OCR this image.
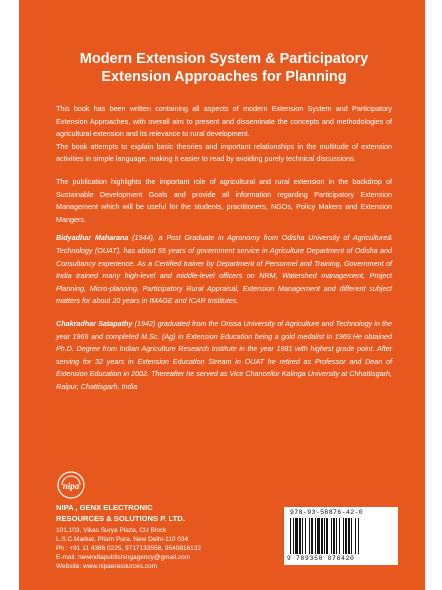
Modern Extension System & Participatory
Extension Approaches for Planning

This book has been written containing all aspects of modern Extension System and Participatory Extension Approaches, with overall aim to present and disseminate the concepts and methodologies of agricultural extension and its relevance to rural development.

The book attempts to explain basic theories and important relationships in the multitude of extension activities in simple language, making it easier to read by avoiding purely technical discussions.

The publication highlights the important role of agricultural and rural extension in the backdrop of Sustainable Development Goals and provide all information regarding Participatory Extension Management which will be useful for the students, practitioners, NGOs, Policy Makers and Extension Mangers.

Bidyadhar Maharana (1944), a Post Graduate in Agronomy from Odisha University of Agriculture& Technology (OUAT), has about 55 years of government service in Agriculture Department of Odisha and Consultancy experience. As a Certified trainer by Department of Personnel and Training, Government of India trained many high-level and middle-level officers on NRM, Watershed management, Project Planning, Micro-planning, Participatory Rural Appraisal, Extension Management and different subject matters for about 20 years in IMAGE and ICAR Institutes.

Chakradhar Satapathy (1942) graduated from the Orissa University of Agriculture and Technology in the year 1966 and completed M.Sc. (Ag) in Extension Education being a gold medalist in 1969.He obtained Ph.D. Degree from Indian Agriculture Research Institute in the year 1981 with highest grade point. After serving for 32 years in Extension Education Stream in OUAT he retired as Professor and Dean of Extension Education in 2002. Thereafter he served as Vice Chancellor Kalinga University at Chhattisgarh, Raipur, Chattisgarh, India

nipa
NIPA , GENX ELECTRONIC
RESOURCES & SOLUTIONS P. LTD.
101,103, Vikas Surya Plaza, CU Block
L.S.C.Market, Pitam Pura, New Delhi-110 034
Ph : +91 11 4386 0225, 9717133558, 9540816132
E-mail: newindiapublishingagency@gmail.com
Website: www.nipaeresources.com
978-93-58876-42-0
9 789358 876420
